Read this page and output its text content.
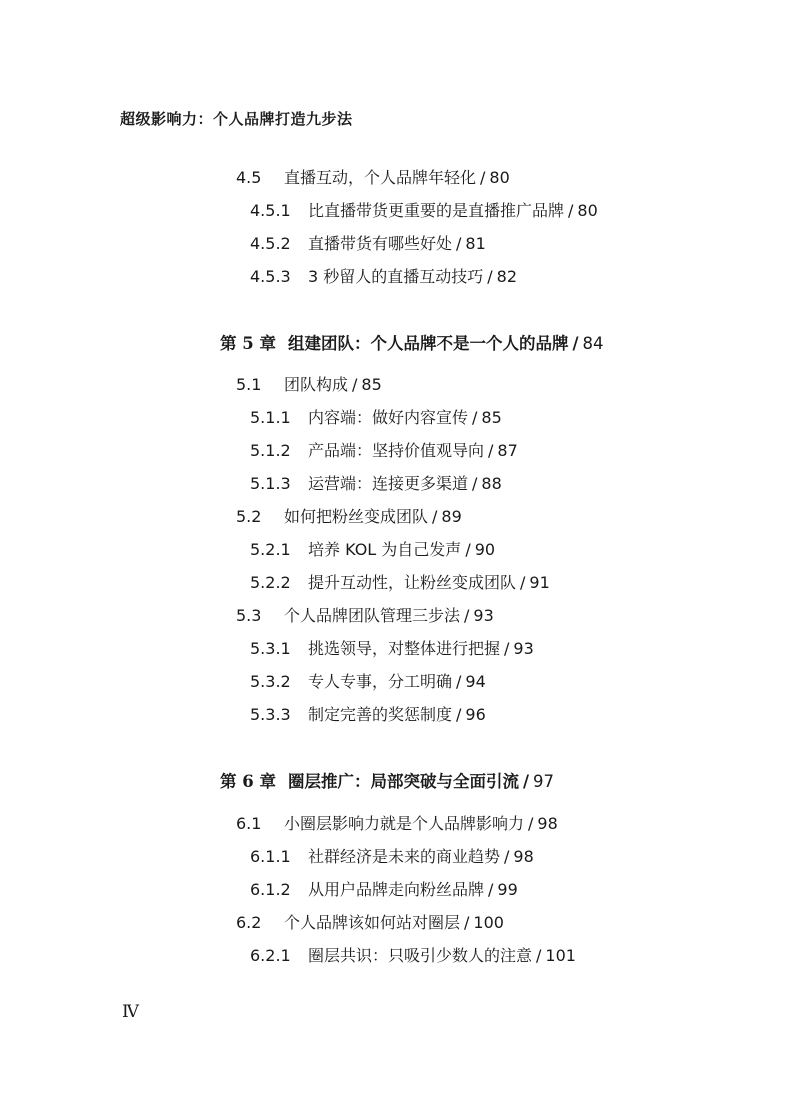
超级影响力：个人品牌打造九步法
4.5 直播互动，个人品牌年轻化 / 80
4.5.1 比直播带货更重要的是直播推广品牌 / 80
4.5.2 直播带货有哪些好处 / 81
4.5.3 3 秒留人的直播互动技巧 / 82
第 5 章 组建团队：个人品牌不是一个人的品牌 / 84
5.1 团队构成 / 85
5.1.1 内容端：做好内容宣传 / 85
5.1.2 产品端：坚持价值观导向 / 87
5.1.3 运营端：连接更多渠道 / 88
5.2 如何把粉丝变成团队 / 89
5.2.1 培养 KOL 为自己发声 / 90
5.2.2 提升互动性，让粉丝变成团队 / 91
5.3 个人品牌团队管理三步法 / 93
5.3.1 挑选领导，对整体进行把握 / 93
5.3.2 专人专事，分工明确 / 94
5.3.3 制定完善的奖惩制度 / 96
第 6 章 圈层推广：局部突破与全面引流 / 97
6.1 小圈层影响力就是个人品牌影响力 / 98
6.1.1 社群经济是未来的商业趋势 / 98
6.1.2 从用户品牌走向粉丝品牌 / 99
6.2 个人品牌该如何站对圈层 / 100
6.2.1 圈层共识：只吸引少数人的注意 / 101
Ⅳ
